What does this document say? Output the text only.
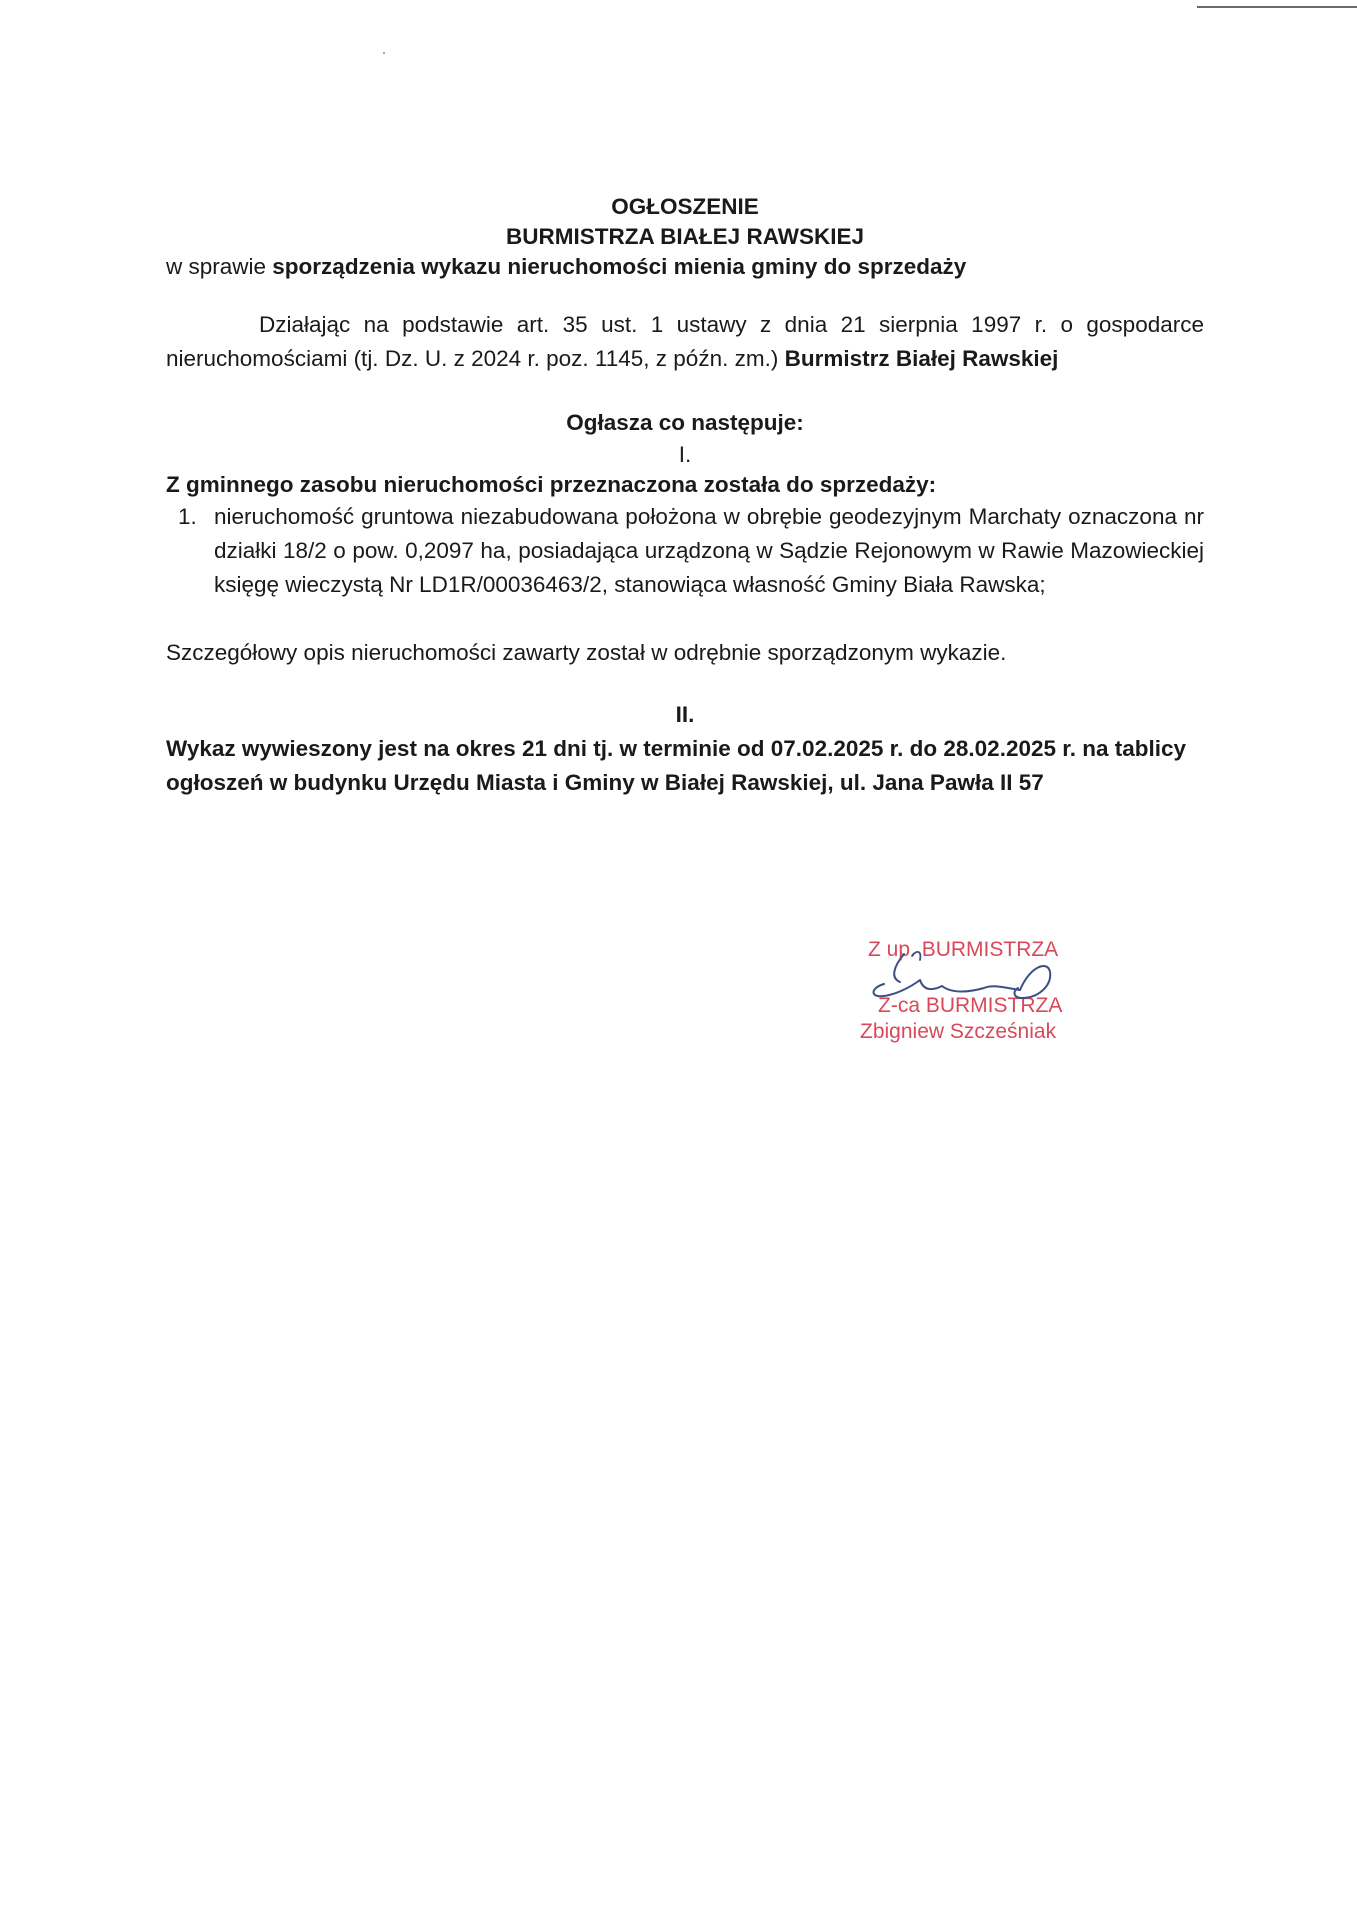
OGŁOSZENIE
BURMISTRZA BIAŁEJ RAWSKIEJ
w sprawie sporządzenia wykazu nieruchomości mienia gminy do sprzedaży

Działając na podstawie art. 35 ust. 1 ustawy z dnia 21 sierpnia 1997 r. o gospodarce nieruchomościami (tj. Dz. U. z 2024 r. poz. 1145, z późn. zm.) Burmistrz Białej Rawskiej

Ogłasza co następuje:
I.
Z gminnego zasobu nieruchomości przeznaczona została do sprzedaży:
1. nieruchomość gruntowa niezabudowana położona w obrębie geodezyjnym Marchaty oznaczona nr działki 18/2 o pow. 0,2097 ha, posiadająca urządzoną w Sądzie Rejonowym w Rawie Mazowieckiej księgę wieczystą Nr LD1R/00036463/2, stanowiąca własność Gminy Biała Rawska;
Szczegółowy opis nieruchomości zawarty został w odrębnie sporządzonym wykazie.
II.
Wykaz wywieszony jest na okres 21 dni tj. w terminie od 07.02.2025 r. do 28.02.2025 r. na tablicy ogłoszeń w budynku Urzędu Miasta i Gminy w Białej Rawskiej, ul. Jana Pawła II 57
Z up. BURMISTRZA
Z-ca BURMISTRZA
Zbigniew Szcześniak
